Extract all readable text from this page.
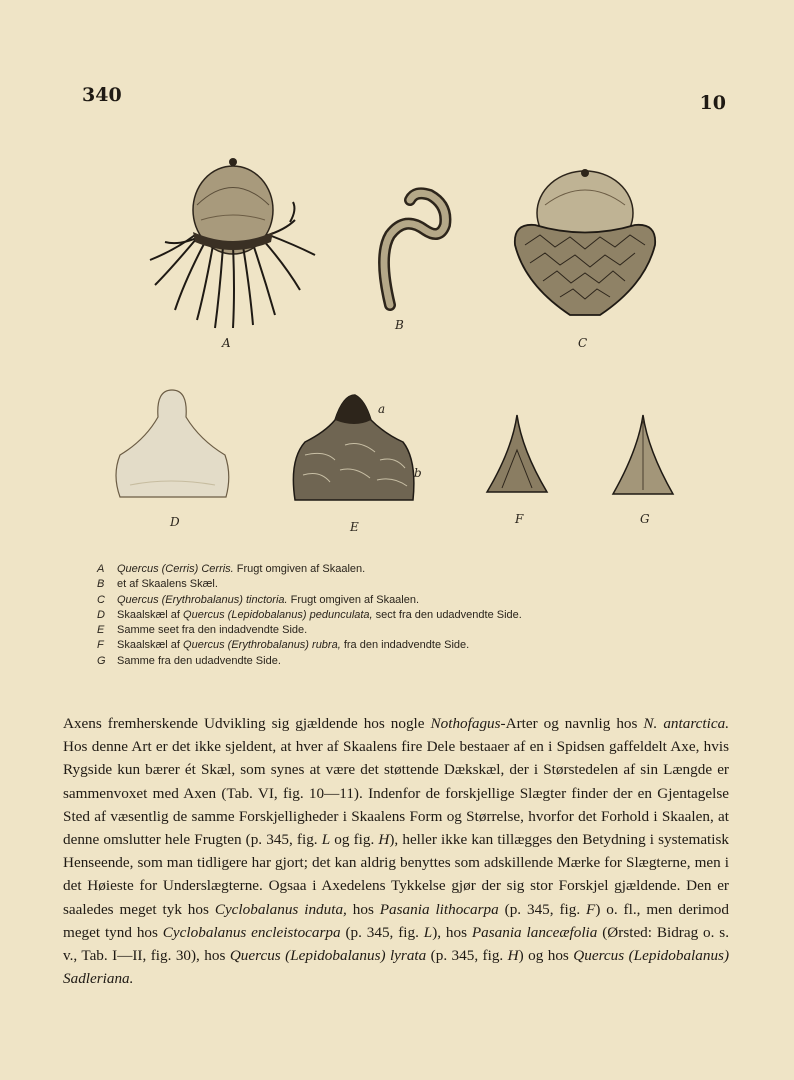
340	10
A
B
C
D
a
b
E
F	G
A	Quercus (Cerris) Cerris. Frugt omgiven af Skaalen.
B	et af Skaalens Skæl.
C	Quercus (Erythrobalanus) tinctoria. Frugt omgiven af Skaalen.
D	Skaalskæl af Quercus (Lepidobalanus) pedunculata, sect fra den udadvendte Side.
E	Samme seet fra den indadvendte Side.
F	Skaalskæl af Quercus (Erythrobalanus) rubra, fra den indadvendte Side.
G	Samme fra den udadvendte Side.

Axens fremherskende Udvikling sig gjældende hos nogle Nothofagus-Arter og navnlig hos N. antarctica. Hos denne Art er det ikke sjeldent, at hver af Skaalens fire Dele bestaaer af en i Spidsen gaffeldelt Axe, hvis Rygside kun bærer ét Skæl, som synes at være det støttende Dækskæl, der i Størstedelen af sin Længde er sammenvoxet med Axen (Tab. VI, fig. 10—11). Indenfor de forskjellige Slægter finder der en Gjentagelse Sted af væsentlig de samme Forskjelligheder i Skaalens Form og Størrelse, hvorfor det Forhold i Skaalen, at denne omslutter hele Frugten (p. 345, fig. L og fig. H), heller ikke kan tillægges den Betydning i systematisk Henseende, som man tidligere har gjort; det kan aldrig benyttes som adskillende Mærke for Slægterne, men i det Høieste for Underslægterne. Ogsaa i Axedelens Tykkelse gjør der sig stor Forskjel gjældende. Den er saaledes meget tyk hos Cyclobalanus induta, hos Pasania lithocarpa (p. 345, fig. F) o. fl., men derimod meget tynd hos Cyclobalanus encleistocarpa (p. 345, fig. L), hos Pasania lanceæfolia (Ørsted: Bidrag o. s. v., Tab. I—II, fig. 30), hos Quercus (Lepidobalanus) lyrata (p. 345, fig. H) og hos Quercus (Lepidobalanus) Sadleriana.
